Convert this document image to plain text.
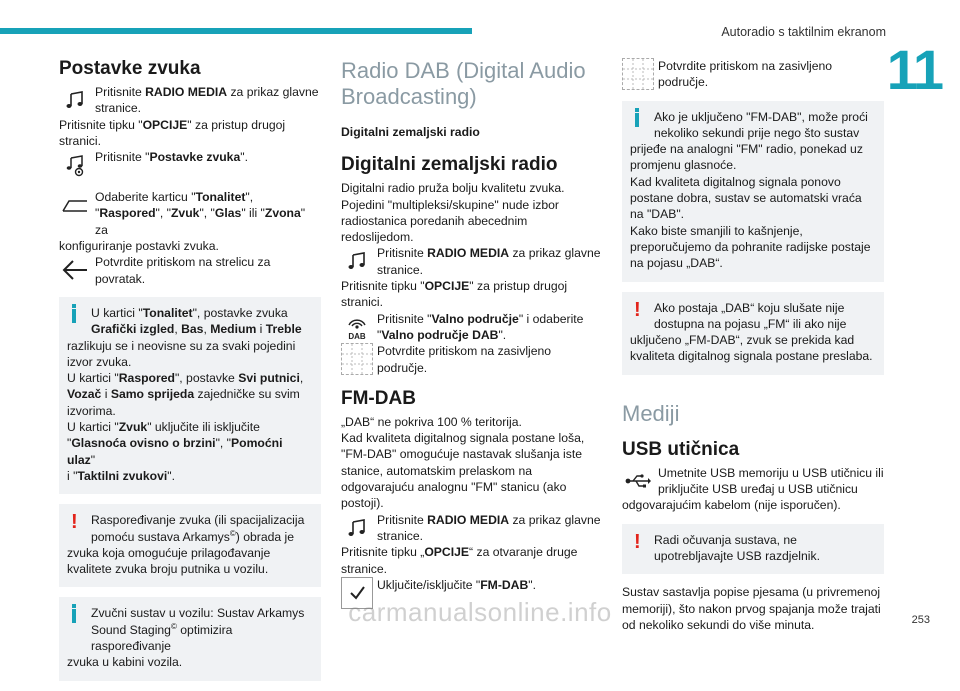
Autoradio s taktilnim ekranom
11
Postavke zvuka

Pritisnite RADIO MEDIA za prikaz glavne stranice.

Pritisnite tipku "OPCIJE" za pristup drugoj stranici.

Pritisnite "Postavke zvuka".

Odaberite karticu "Tonalitet",
"Raspored", "Zvuk", "Glas" ili "Zvona" za

konfiguriranje postavki zvuka.

Potvrdite pritiskom na strelicu za povratak.

U kartici "Tonalitet", postavke zvuka
Grafički izgled, Bas, Medium i Treble

razlikuju se i neovisne su za svaki pojedini izvor zvuka.

U kartici "Raspored", postavke Svi putnici,
Vozač i Samo sprijeda zajedničke su svim izvorima.

U kartici "Zvuk" uključite ili isključite
"Glasnoća ovisno o brzini", "Pomoćni ulaz"
i "Taktilni zvukovi".

! Raspoređivanje zvuka (ili spacijalizacija pomoću sustava Arkamys©) obrada je

zvuka koja omogućuje prilagođavanje kvalitete zvuka broju putnika u vozilu.

Zvučni sustav u vozilu: Sustav Arkamys Sound Staging© optimizira raspoređivanje

zvuka u kabini vozila.

Radio DAB (Digital Audio Broadcasting)

Digitalni zemaljski radio

Digitalni zemaljski radio

Digitalni radio pruža bolju kvalitetu zvuka.

Pojedini "multipleksi/skupine" nude izbor radiostanica poredanih abecednim redoslijedom.

Pritisnite RADIO MEDIA za prikaz glavne stranice.

Pritisnite tipku "OPCIJE" za pristup drugoj stranici.

DAB

Pritisnite "Valno područje" i odaberite
"Valno područje DAB".

Potvrdite pritiskom na zasivljeno područje.

FM-DAB

„DAB“ ne pokriva 100 % teritorija.

Kad kvaliteta digitalnog signala postane loša, "FM-DAB" omogućuje nastavak slušanja iste stanice, automatskim prelaskom na odgovarajuću analognu "FM" stanicu (ako postoji).

Pritisnite RADIO MEDIA za prikaz glavne stranice.

Pritisnite tipku „OPCIJE“ za otvaranje druge stranice.

Uključite/isključite "FM-DAB".

Potvrdite pritiskom na zasivljeno područje.

Ako je uključeno "FM-DAB", može proći nekoliko sekundi prije nego što sustav

prijeđe na analogni "FM" radio, ponekad uz promjenu glasnoće.

Kad kvaliteta digitalnog signala ponovo postane dobra, sustav se automatski vraća na "DAB".

Kako biste smanjili to kašnjenje, preporučujemo da pohranite radijske postaje na pojasu „DAB“.

! Ako postaja „DAB“ koju slušate nije dostupna na pojasu „FM“ ili ako nije

uključeno „FM-DAB“, zvuk se prekida kad kvaliteta digitalnog signala postane preslaba.

Mediji
USB utičnica

Umetnite USB memoriju u USB utičnicu ili priključite USB uređaj u USB utičnicu

odgovarajućim kabelom (nije isporučen).

! Radi očuvanja sustava, ne upotrebljavajte USB razdjelnik.

Sustav sastavlja popise pjesama (u privremenoj memoriji), što nakon prvog spajanja može trajati od nekoliko sekundi do više minuta.

carmanualsonline.info	253
